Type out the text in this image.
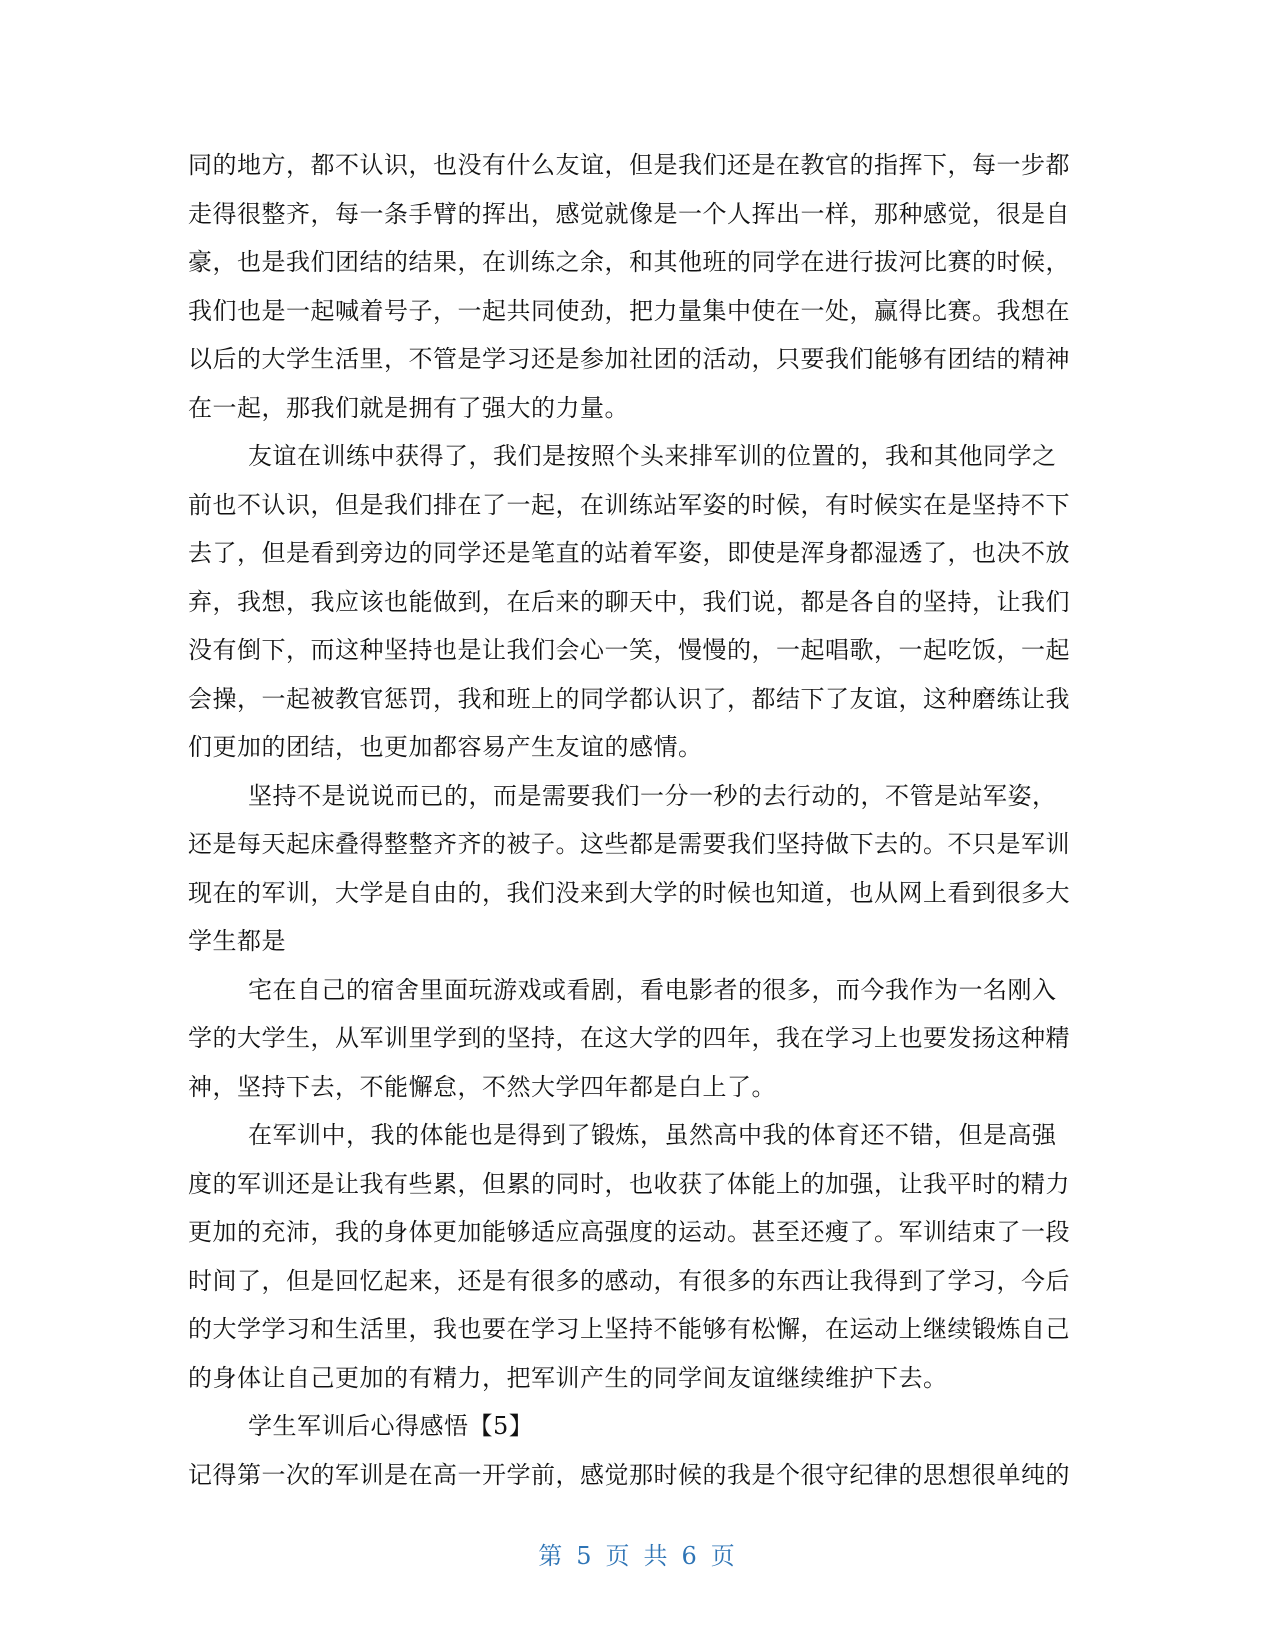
同的地方，都不认识，也没有什么友谊，但是我们还是在教官的指挥下，每一步都
走得很整齐，每一条手臂的挥出，感觉就像是一个人挥出一样，那种感觉，很是自
豪，也是我们团结的结果，在训练之余，和其他班的同学在进行拔河比赛的时候，
我们也是一起喊着号子，一起共同使劲，把力量集中使在一处，赢得比赛。我想在
以后的大学生活里，不管是学习还是参加社团的活动，只要我们能够有团结的精神
在一起，那我们就是拥有了强大的力量。
友谊在训练中获得了，我们是按照个头来排军训的位置的，我和其他同学之
前也不认识，但是我们排在了一起，在训练站军姿的时候，有时候实在是坚持不下
去了，但是看到旁边的同学还是笔直的站着军姿，即使是浑身都湿透了，也决不放
弃，我想，我应该也能做到，在后来的聊天中，我们说，都是各自的坚持，让我们
没有倒下，而这种坚持也是让我们会心一笑，慢慢的，一起唱歌，一起吃饭，一起
会操，一起被教官惩罚，我和班上的同学都认识了，都结下了友谊，这种磨练让我
们更加的团结，也更加都容易产生友谊的感情。
坚持不是说说而已的，而是需要我们一分一秒的去行动的，不管是站军姿，
还是每天起床叠得整整齐齐的被子。这些都是需要我们坚持做下去的。不只是军训
现在的军训，大学是自由的，我们没来到大学的时候也知道，也从网上看到很多大
学生都是
宅在自己的宿舍里面玩游戏或看剧，看电影者的很多，而今我作为一名刚入
学的大学生，从军训里学到的坚持，在这大学的四年，我在学习上也要发扬这种精
神，坚持下去，不能懈怠，不然大学四年都是白上了。
在军训中，我的体能也是得到了锻炼，虽然高中我的体育还不错，但是高强
度的军训还是让我有些累，但累的同时，也收获了体能上的加强，让我平时的精力
更加的充沛，我的身体更加能够适应高强度的运动。甚至还瘦了。军训结束了一段
时间了，但是回忆起来，还是有很多的感动，有很多的东西让我得到了学习，今后
的大学学习和生活里，我也要在学习上坚持不能够有松懈，在运动上继续锻炼自己
的身体让自己更加的有精力，把军训产生的同学间友谊继续维护下去。
学生军训后心得感悟【5】
记得第一次的军训是在高一开学前，感觉那时候的我是个很守纪律的思想很单纯的
第 5 页 共 6 页
